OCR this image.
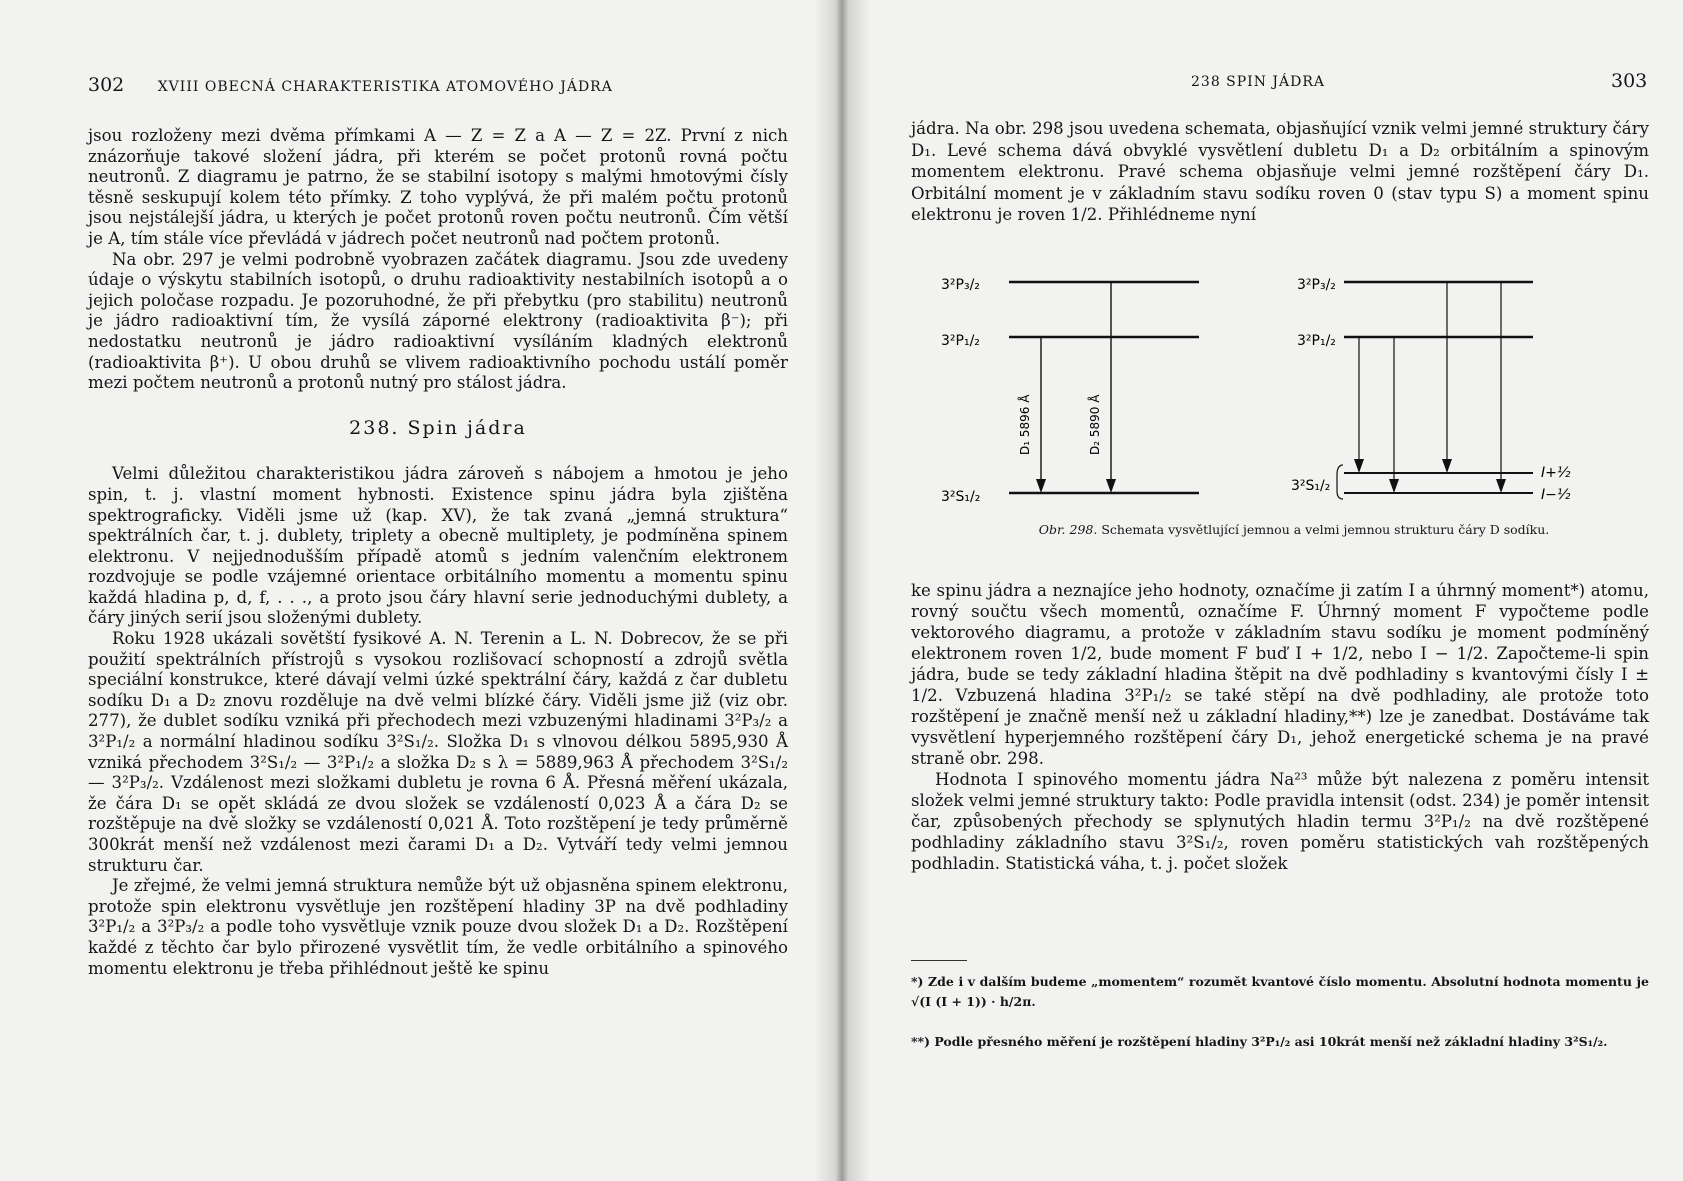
302 XVIII OBECNÁ CHARAKTERISTIKA ATOMOVÉHO JÁDRA

jsou rozloženy mezi dvěma přímkami A — Z = Z a A — Z = 2Z. První z nich znázorňuje takové složení jádra, při kterém se počet protonů rovná počtu neutronů. Z diagramu je patrno, že se stabilní isotopy s malými hmotovými čísly těsně seskupují kolem této přímky. Z toho vyplývá, že při malém počtu protonů jsou nejstálejší jádra, u kterých je počet protonů roven počtu neutronů. Čím větší je A, tím stále více převládá v jádrech počet neutronů nad počtem protonů.

Na obr. 297 je velmi podrobně vyobrazen začátek diagramu. Jsou zde uvedeny údaje o výskytu stabilních isotopů, o druhu radioaktivity nestabilních isotopů a o jejich poločase rozpadu. Je pozoruhodné, že při přebytku (pro stabilitu) neutronů je jádro radioaktivní tím, že vysílá záporné elektrony (radioaktivita β⁻); při nedostatku neutronů je jádro radioaktivní vysíláním kladných elektronů (radioaktivita β⁺). U obou druhů se vlivem radioaktivního pochodu ustálí poměr mezi počtem neutronů a protonů nutný pro stálost jádra.

238. Spin jádra

Velmi důležitou charakteristikou jádra zároveň s nábojem a hmotou je jeho spin, t. j. vlastní moment hybnosti. Existence spinu jádra byla zjištěna spektrograficky. Viděli jsme už (kap. XV), že tak zvaná „jemná struktura“ spektrálních čar, t. j. dublety, triplety a obecně multiplety, je podmíněna spinem elektronu. V nejjednodušším případě atomů s jedním valenčním elektronem rozdvojuje se podle vzájemné orientace orbitálního momentu a momentu spinu každá hladina p, d, f, . . ., a proto jsou čáry hlavní serie jednoduchými dublety, a čáry jiných serií jsou složenými dublety.

Roku 1928 ukázali sovětští fysikové A. N. Terenin a L. N. Dobrecov, že se při použití spektrálních přístrojů s vysokou rozlišovací schopností a zdrojů světla speciální konstrukce, které dávají velmi úzké spektrální čáry, každá z čar dubletu sodíku D₁ a D₂ znovu rozděluje na dvě velmi blízké čáry. Viděli jsme již (viz obr. 277), že dublet sodíku vzniká při přechodech mezi vzbuzenými hladinami 3²P₃/₂ a 3²P₁/₂ a normální hladinou sodíku 3²S₁/₂. Složka D₁ s vlnovou délkou 5895,930 Å vzniká přechodem 3²S₁/₂ — 3²P₁/₂ a složka D₂ s λ = 5889,963 Å přechodem 3²S₁/₂ — 3²P₃/₂. Vzdálenost mezi složkami dubletu je rovna 6 Å. Přesná měření ukázala, že čára D₁ se opět skládá ze dvou složek se vzdáleností 0,023 Å a čára D₂ se rozštěpuje na dvě složky se vzdáleností 0,021 Å. Toto rozštěpení je tedy průměrně 300krát menší než vzdálenost mezi čarami D₁ a D₂. Vytváří tedy velmi jemnou strukturu čar.

Je zřejmé, že velmi jemná struktura nemůže být už objasněna spinem elektronu, protože spin elektronu vysvětluje jen rozštěpení hladiny 3P na dvě podhladiny 3²P₁/₂ a 3²P₃/₂ a podle toho vysvětluje vznik pouze dvou složek D₁ a D₂. Rozštěpení každé z těchto čar bylo přirozené vysvětlit tím, že vedle orbitálního a spinového momentu elektronu je třeba přihlédnout ještě ke spinu

238 SPIN JÁDRA	303

jádra. Na obr. 298 jsou uvedena schemata, objasňující vznik velmi jemné struktury čáry D₁. Levé schema dává obvyklé vysvětlení dubletu D₁ a D₂ orbitálním a spinovým momentem elektronu. Pravé schema objasňuje velmi jemné rozštěpení čáry D₁. Orbitální moment je v základním stavu sodíku roven 0 (stav typu S) a moment spinu elektronu je roven 1/2. Přihlédneme nyní

3²P₃/₂
3²P₁/₂
3²S₁/₂
D₁ 5896 Å	D₂ 5890 Å
3²P₃/₂
3²P₁/₂
3²S₁/₂
I+½
I−½
Obr. 298. Schemata vysvětlující jemnou a velmi jemnou strukturu čáry D sodíku.

ke spinu jádra a neznajíce jeho hodnoty, označíme ji zatím I a úhrnný moment*) atomu, rovný součtu všech momentů, označíme F. Úhrnný moment F vypočteme podle vektorového diagramu, a protože v základním stavu sodíku je moment podmíněný elektronem roven 1/2, bude moment F buď I + 1/2, nebo I − 1/2. Započteme-li spin jádra, bude se tedy základní hladina štěpit na dvě podhladiny s kvantovými čísly I ± 1/2. Vzbuzená hladina 3²P₁/₂ se také stěpí na dvě podhladiny, ale protože toto rozštěpení je značně menší než u základní hladiny,**) lze je zanedbat. Dostáváme tak vysvětlení hyperjemného rozštěpení čáry D₁, jehož energetické schema je na pravé straně obr. 298.

Hodnota I spinového momentu jádra Na²³ může být nalezena z poměru intensit složek velmi jemné struktury takto: Podle pravidla intensit (odst. 234) je poměr intensit čar, způsobených přechody se splynutých hladin termu 3²P₁/₂ na dvě rozštěpené podhladiny základního stavu 3²S₁/₂, roven poměru statistických vah rozštěpených podhladin. Statistická váha, t. j. počet složek

*) Zde i v dalším budeme „momentem“ rozumět kvantové číslo momentu. Absolutní hodnota momentu je √(I (I + 1)) · h/2π.
**) Podle přesného měření je rozštěpení hladiny 3²P₁/₂ asi 10krát menší než základní hladiny 3²S₁/₂.
